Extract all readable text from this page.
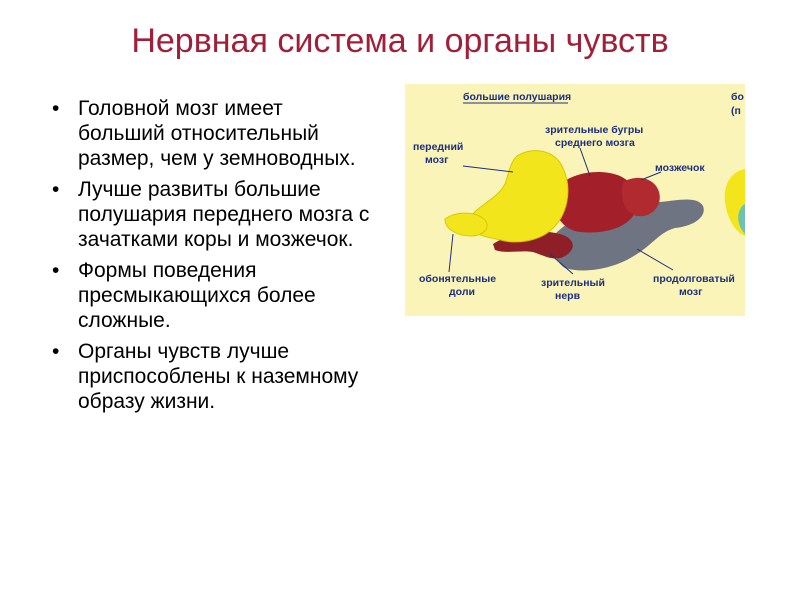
Нервная система и органы чувств
• Головной мозг имеет больший относительный размер, чем у земноводных.
• Лучше развиты большие полушария переднего мозга с зачатками коры и мозжечок.
• Формы поведения пресмыкающихся более сложные.
• Органы чувств лучше приспособлены к наземному образу жизни.
большие полушария
передний
мозг
зрительные бугры
среднего мозга
мозжечок
обонятельные
доли
зрительный
нерв
продолговатый
мозг
бо
(п
